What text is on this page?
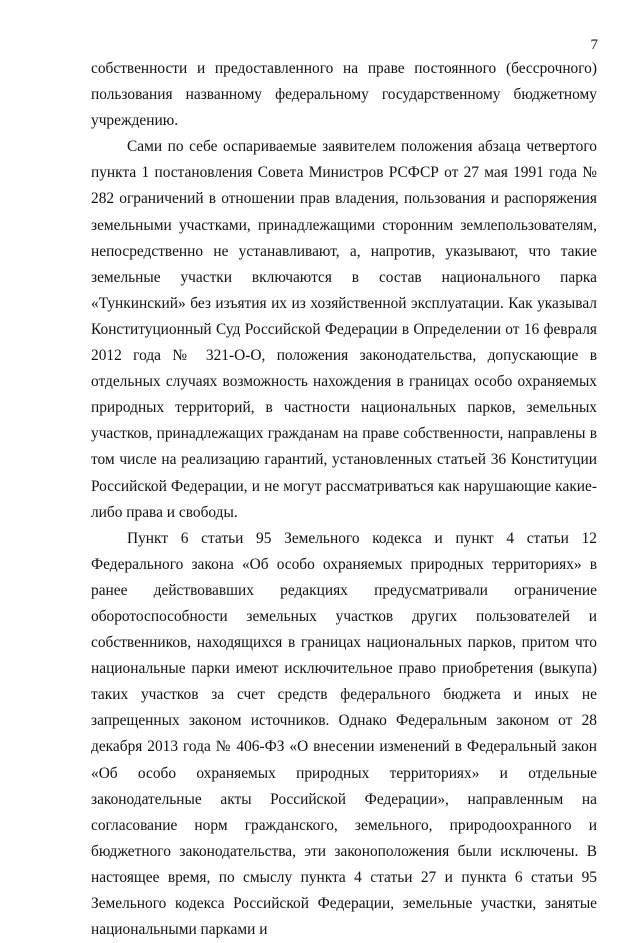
7

собственности и предоставленного на праве постоянного (бессрочного) пользования названному федеральному государственному бюджетному учреждению.

Сами по себе оспариваемые заявителем положения абзаца четвертого пункта 1 постановления Совета Министров РСФСР от 27 мая 1991 года № 282 ограничений в отношении прав владения, пользования и распоряжения земельными участками, принадлежащими сторонним землепользователям, непосредственно не устанавливают, а, напротив, указывают, что такие земельные участки включаются в состав национального парка «Тункинский» без изъятия их из хозяйственной эксплуатации. Как указывал Конституционный Суд Российской Федерации в Определении от 16 февраля 2012 года № 321-О-О, положения законодательства, допускающие в отдельных случаях возможность нахождения в границах особо охраняемых природных территорий, в частности национальных парков, земельных участков, принадлежащих гражданам на праве собственности, направлены в том числе на реализацию гарантий, установленных статьей 36 Конституции Российской Федерации, и не могут рассматриваться как нарушающие какие-либо права и свободы.

Пункт 6 статьи 95 Земельного кодекса и пункт 4 статьи 12 Федерального закона «Об особо охраняемых природных территориях» в ранее действовавших редакциях предусматривали ограничение оборотоспособности земельных участков других пользователей и собственников, находящихся в границах национальных парков, притом что национальные парки имеют исключительное право приобретения (выкупа) таких участков за счет средств федерального бюджета и иных не запрещенных законом источников. Однако Федеральным законом от 28 декабря 2013 года № 406-ФЗ «О внесении изменений в Федеральный закон «Об особо охраняемых природных территориях» и отдельные законодательные акты Российской Федерации», направленным на согласование норм гражданского, земельного, природоохранного и бюджетного законодательства, эти законоположения были исключены. В настоящее время, по смыслу пункта 4 статьи 27 и пункта 6 статьи 95 Земельного кодекса Российской Федерации, земельные участки, занятые национальными парками и
